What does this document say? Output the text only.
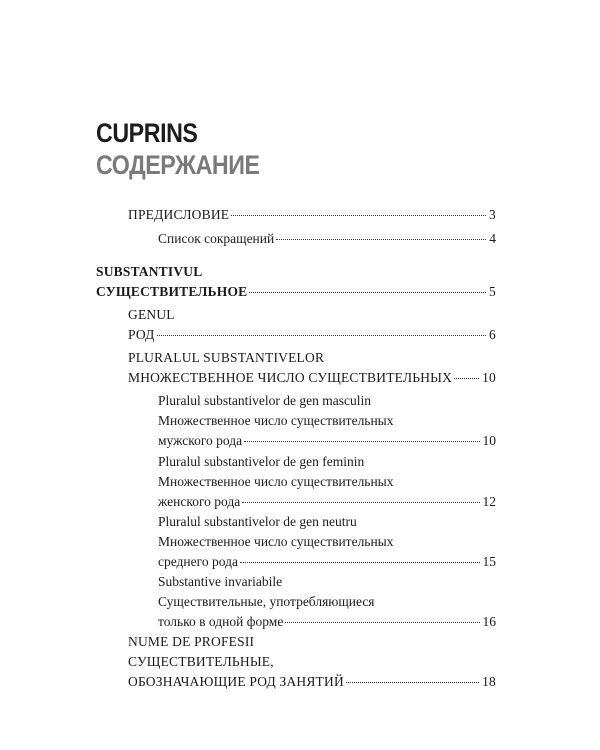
CUPRINS
СОДЕРЖАНИЕ
ПРЕДИСЛОВИЕ	3
Список сокращений	4
SUBSTANTIVUL
СУЩЕСТВИТЕЛЬНОЕ	5
GENUL
РОД	6
PLURALUL SUBSTANTIVELOR
МНОЖЕСТВЕННОЕ ЧИСЛО СУЩЕСТВИТЕЛЬНЫХ 10
Pluralul substantivelor de gen masculin
Множественное число существительных
мужского рода	10
Pluralul substantivelor de gen feminin
Множественное число существительных
женского рода	12
Pluralul substantivelor de gen neutru
Множественное число существительных
среднего рода	15
Substantive invariabile
Существительные, употребляющиеся
только в одной форме	16
NUME DE PROFESII
СУЩЕСТВИТЕЛЬНЫЕ,
ОБОЗНАЧАЮЩИЕ РОД ЗАНЯТИЙ	18
